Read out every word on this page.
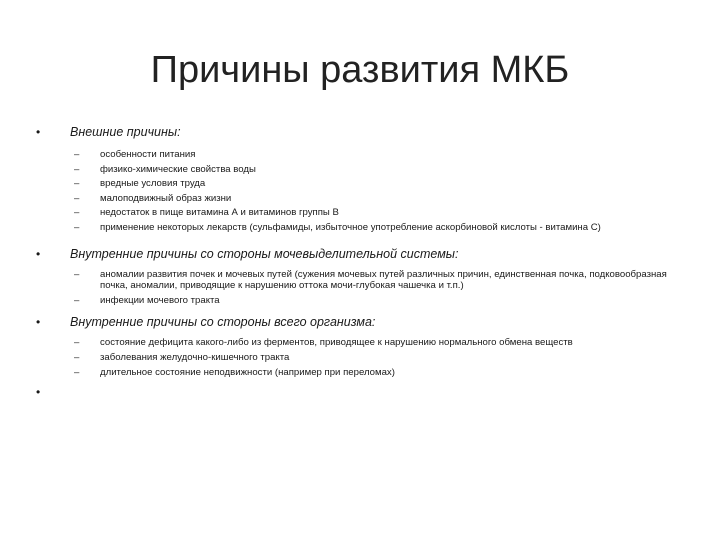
Причины развития МКБ
•	Внешние причины:
– особенности питания
– физико-химические свойства воды
– вредные условия труда
– малоподвижный образ жизни
– недостаток в пище витамина А и витаминов группы В
– применение некоторых лекарств (сульфамиды, избыточное употребление аскорбиновой кислоты - витамина С)
•	Внутренние причины со стороны мочевыделительной системы:
– аномалии развития почек и мочевых путей (сужения мочевых путей различных причин, единственная почка, подковообразная почка, аномалии, приводящие к нарушению оттока мочи-глубокая чашечка и т.п.)
– инфекции мочевого тракта
•	Внутренние причины со стороны всего организма:
– состояние дефицита какого-либо из ферментов, приводящее к нарушению нормального обмена веществ
– заболевания желудочно-кишечного тракта
– длительное состояние неподвижности (например при переломах)
•
